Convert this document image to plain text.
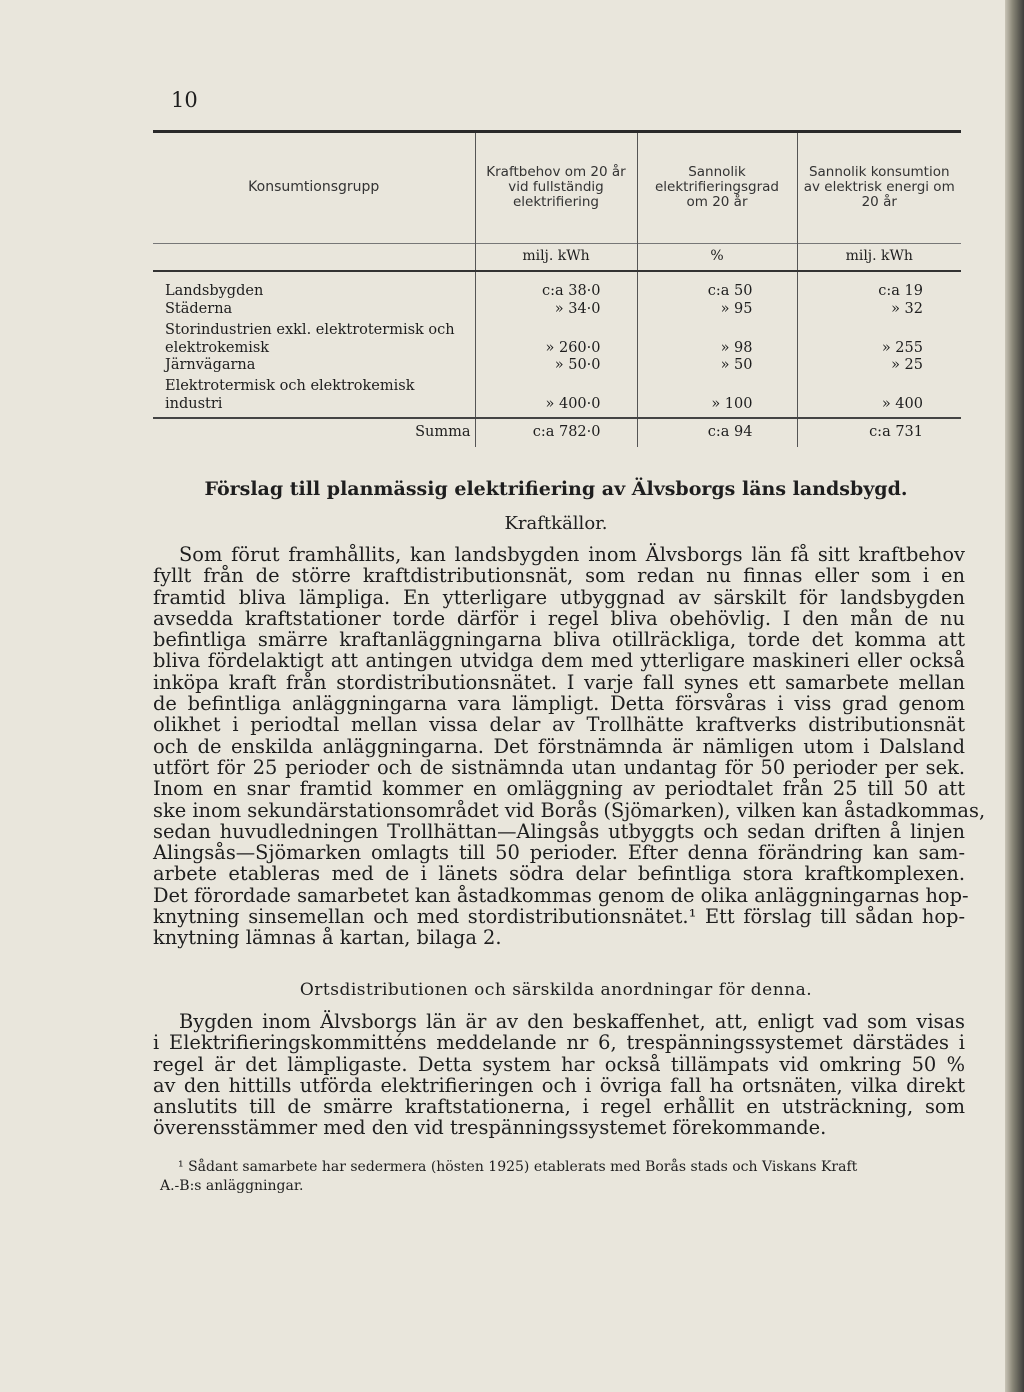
10
Konsumtionsgrupp	Kraftbehov om 20 år vid fullständig elektrifiering	Sannolik elektrifieringsgrad om 20 år	Sannolik konsumtion av elektrisk energi om 20 år
	milj. kWh	%	milj. kWh

Landsbygden	c:a 38·0	c:a 50	c:a 19
Städerna	» 34·0	» 95	» 32
Storindustrien exkl. elektrotermisk och elektrokemisk	» 260·0	» 98	» 255
Järnvägarna	» 50·0	» 50	» 25
Elektrotermisk och elektrokemisk industri	» 400·0	» 100	» 400
Summa	c:a 782·0	c:a 94	c:a 731
Förslag till planmässig elektrifiering av Älvsborgs läns landsbygd.
Kraftkällor.
Som förut framhållits, kan landsbygden inom Älvsborgs län få sitt kraftbehov
fyllt från de större kraftdistributionsnät, som redan nu finnas eller som i en
framtid bliva lämpliga. En ytterligare utbyggnad av särskilt för landsbygden
avsedda kraftstationer torde därför i regel bliva obehövlig. I den mån de nu
befintliga smärre kraftanläggningarna bliva otillräckliga, torde det komma att
bliva fördelaktigt att antingen utvidga dem med ytterligare maskineri eller också
inköpa kraft från stordistributionsnätet. I varje fall synes ett samarbete mellan
de befintliga anläggningarna vara lämpligt. Detta försvåras i viss grad genom
olikhet i periodtal mellan vissa delar av Trollhätte kraftverks distributionsnät
och de enskilda anläggningarna. Det förstnämnda är nämligen utom i Dalsland
utfört för 25 perioder och de sistnämnda utan undantag för 50 perioder per sek.
Inom en snar framtid kommer en omläggning av periodtalet från 25 till 50 att
ske inom sekundärstationsområdet vid Borås (Sjömarken), vilken kan åstadkommas,
sedan huvudledningen Trollhättan—Alingsås utbyggts och sedan driften å linjen
Alingsås—Sjömarken omlagts till 50 perioder. Efter denna förändring kan sam-
arbete etableras med de i länets södra delar befintliga stora kraftkomplexen.
Det förordade samarbetet kan åstadkommas genom de olika anläggningarnas hop-
knytning sinsemellan och med stordistributionsnätet.¹ Ett förslag till sådan hop-
knytning lämnas å kartan, bilaga 2.
Ortsdistributionen och särskilda anordningar för denna.
Bygden inom Älvsborgs län är av den beskaffenhet, att, enligt vad som visas
i Elektrifieringskommitténs meddelande nr 6, trespänningssystemet därstädes i
regel är det lämpligaste. Detta system har också tillämpats vid omkring 50 %
av den hittills utförda elektrifieringen och i övriga fall ha ortsnäten, vilka direkt
anslutits till de smärre kraftstationerna, i regel erhållit en utsträckning, som
överensstämmer med den vid trespänningssystemet förekommande.
¹ Sådant samarbete har sedermera (hösten 1925) etablerats med Borås stads och Viskans Kraft
A.-B:s anläggningar.
